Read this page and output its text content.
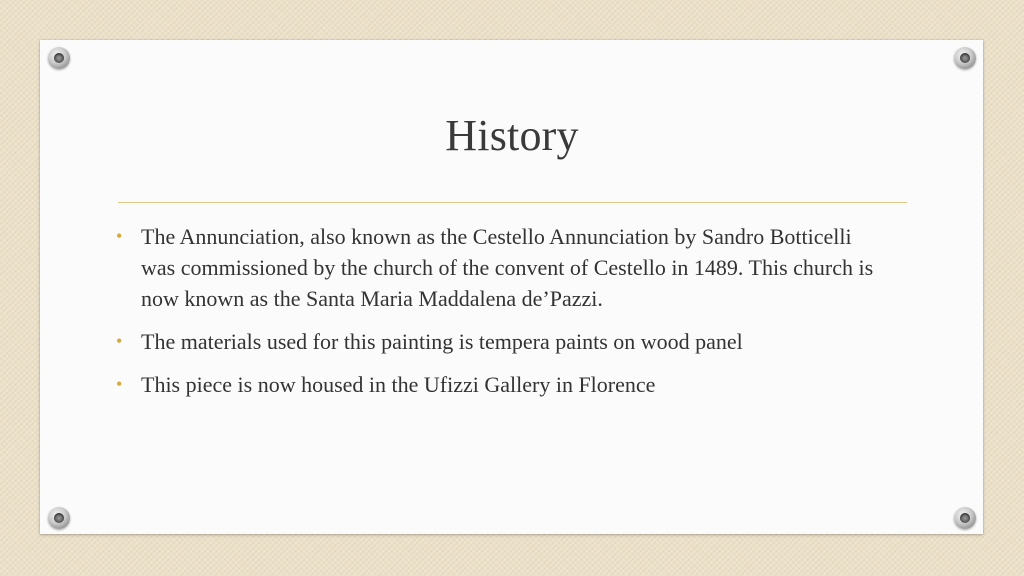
History
• The Annunciation, also known as the Cestello Annunciation by Sandro Botticelli was commissioned by the church of the convent of Cestello in 1489. This church is now known as the Santa Maria Maddalena de’Pazzi.
• The materials used for this painting is tempera paints on wood panel
• This piece is now housed in the Ufizzi Gallery in Florence
